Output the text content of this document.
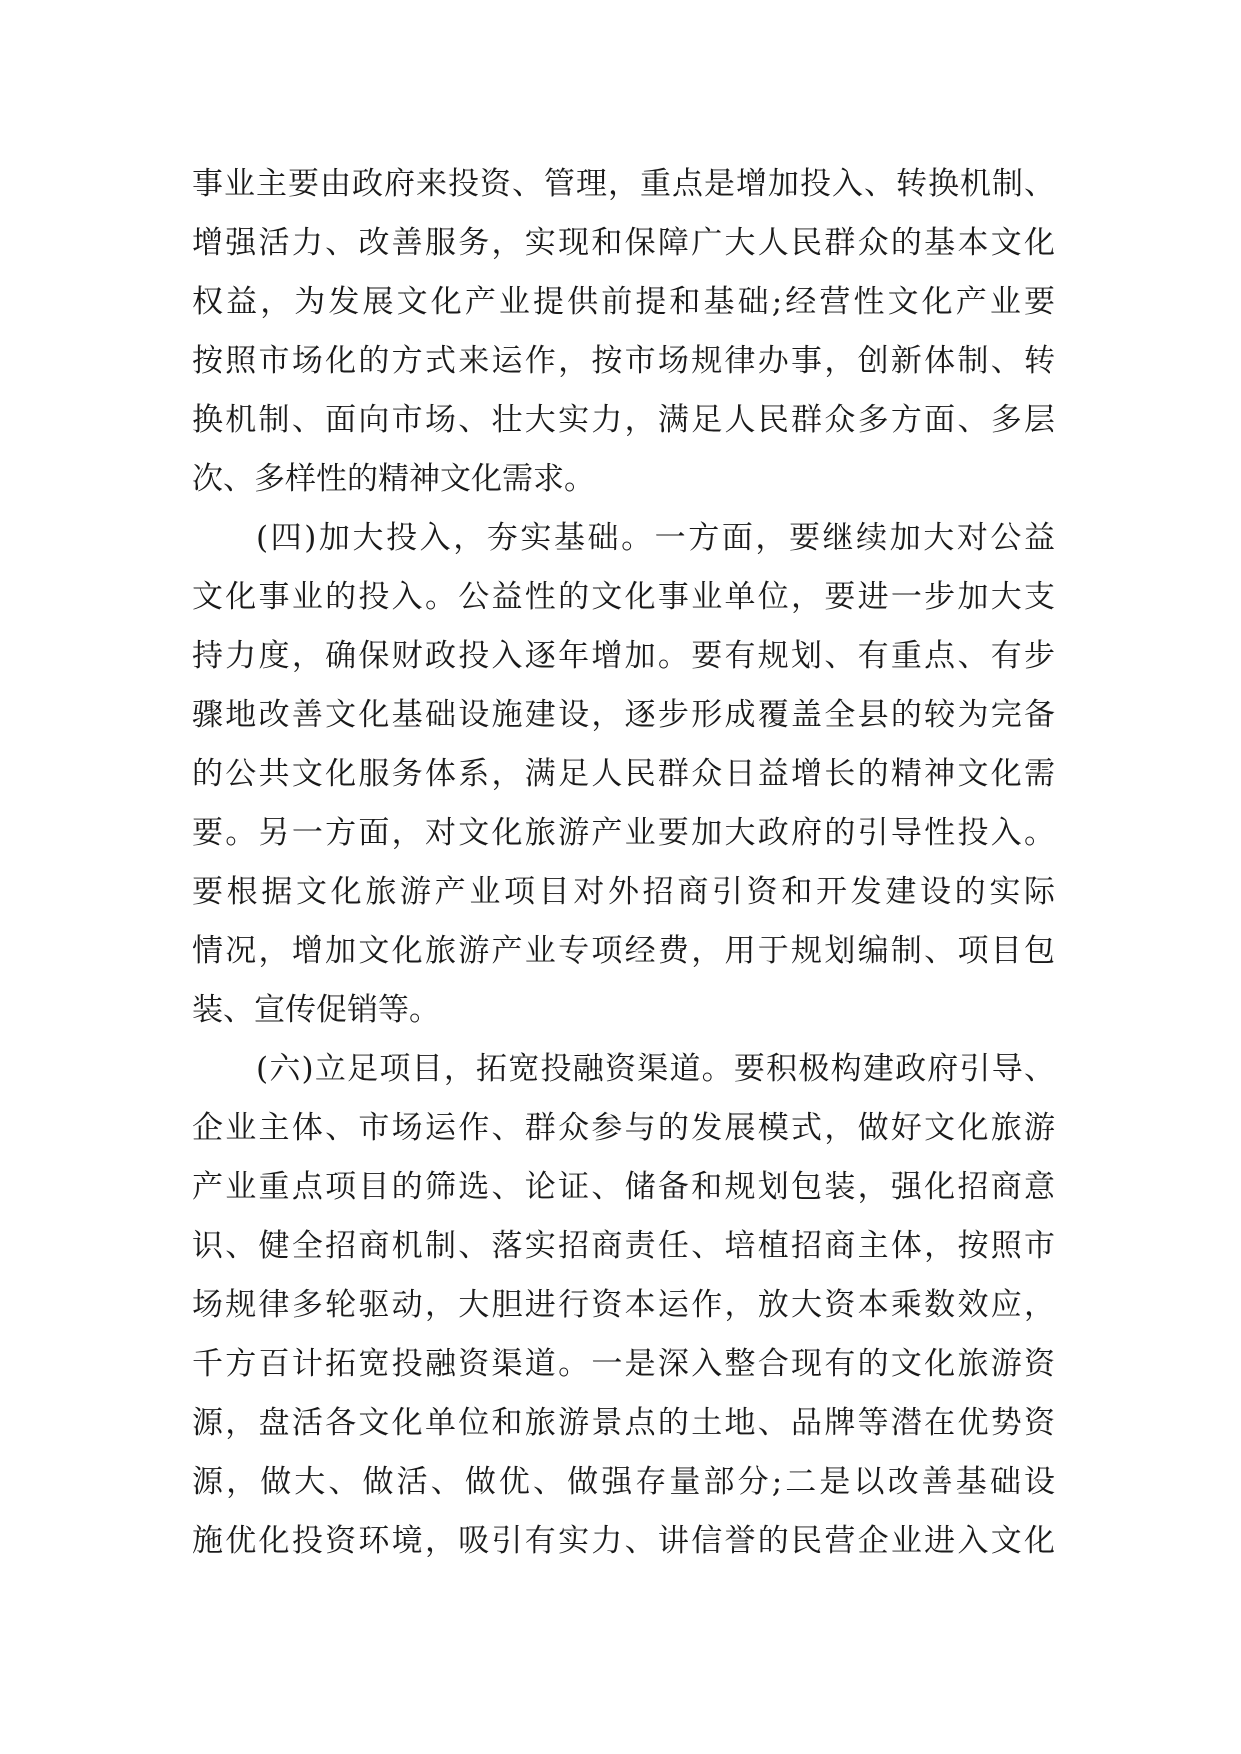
事业主要由政府来投资、管理，重点是增加投入、转换机制、
增强活力、改善服务，实现和保障广大人民群众的基本文化
权益，为发展文化产业提供前提和基础;经营性文化产业要
按照市场化的方式来运作，按市场规律办事，创新体制、转
换机制、面向市场、壮大实力，满足人民群众多方面、多层
次、多样性的精神文化需求。
(四)加大投入，夯实基础。一方面，要继续加大对公益
文化事业的投入。公益性的文化事业单位，要进一步加大支
持力度，确保财政投入逐年增加。要有规划、有重点、有步
骤地改善文化基础设施建设，逐步形成覆盖全县的较为完备
的公共文化服务体系，满足人民群众日益增长的精神文化需
要。另一方面，对文化旅游产业要加大政府的引导性投入。
要根据文化旅游产业项目对外招商引资和开发建设的实际
情况，增加文化旅游产业专项经费，用于规划编制、项目包
装、宣传促销等。
(六)立足项目，拓宽投融资渠道。要积极构建政府引导、
企业主体、市场运作、群众参与的发展模式，做好文化旅游
产业重点项目的筛选、论证、储备和规划包装，强化招商意
识、健全招商机制、落实招商责任、培植招商主体，按照市
场规律多轮驱动，大胆进行资本运作，放大资本乘数效应，
千方百计拓宽投融资渠道。一是深入整合现有的文化旅游资
源，盘活各文化单位和旅游景点的土地、品牌等潜在优势资
源，做大、做活、做优、做强存量部分;二是以改善基础设
施优化投资环境，吸引有实力、讲信誉的民营企业进入文化
